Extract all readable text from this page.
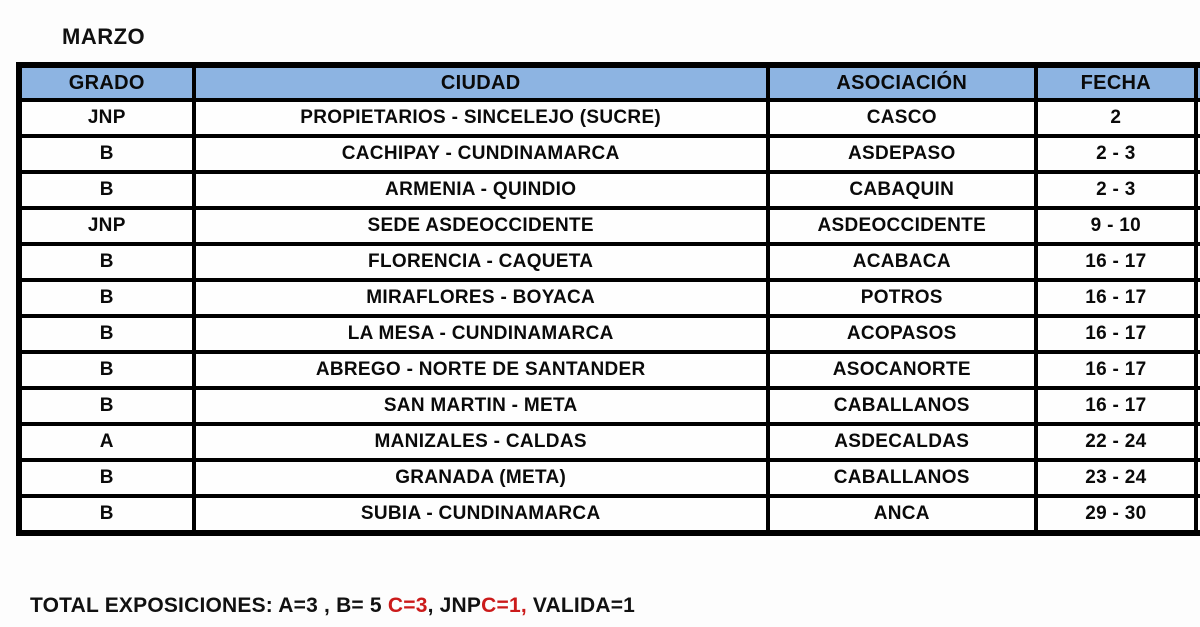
MARZO
GRADO	CIUDAD	ASOCIACIÓN	FECHA	
JNP	PROPIETARIOS - SINCELEJO (SUCRE)	CASCO	2	
B	CACHIPAY - CUNDINAMARCA	ASDEPASO	2 - 3	
B	ARMENIA - QUINDIO	CABAQUIN	2 - 3	
JNP	SEDE ASDEOCCIDENTE	ASDEOCCIDENTE	9 - 10	
B	FLORENCIA - CAQUETA	ACABACA	16 - 17	
B	MIRAFLORES - BOYACA	POTROS	16 - 17	
B	LA MESA - CUNDINAMARCA	ACOPASOS	16 - 17	
B	ABREGO - NORTE DE SANTANDER	ASOCANORTE	16 - 17	
B	SAN MARTIN - META	CABALLANOS	16 - 17	
A	MANIZALES - CALDAS	ASDECALDAS	22 - 24	
B	GRANADA (META)	CABALLANOS	23 - 24	
B	SUBIA - CUNDINAMARCA	ANCA	29 - 30	
TOTAL EXPOSICIONES: A=3 , B= 5 C=3, JNPC=1, VALIDA=1
